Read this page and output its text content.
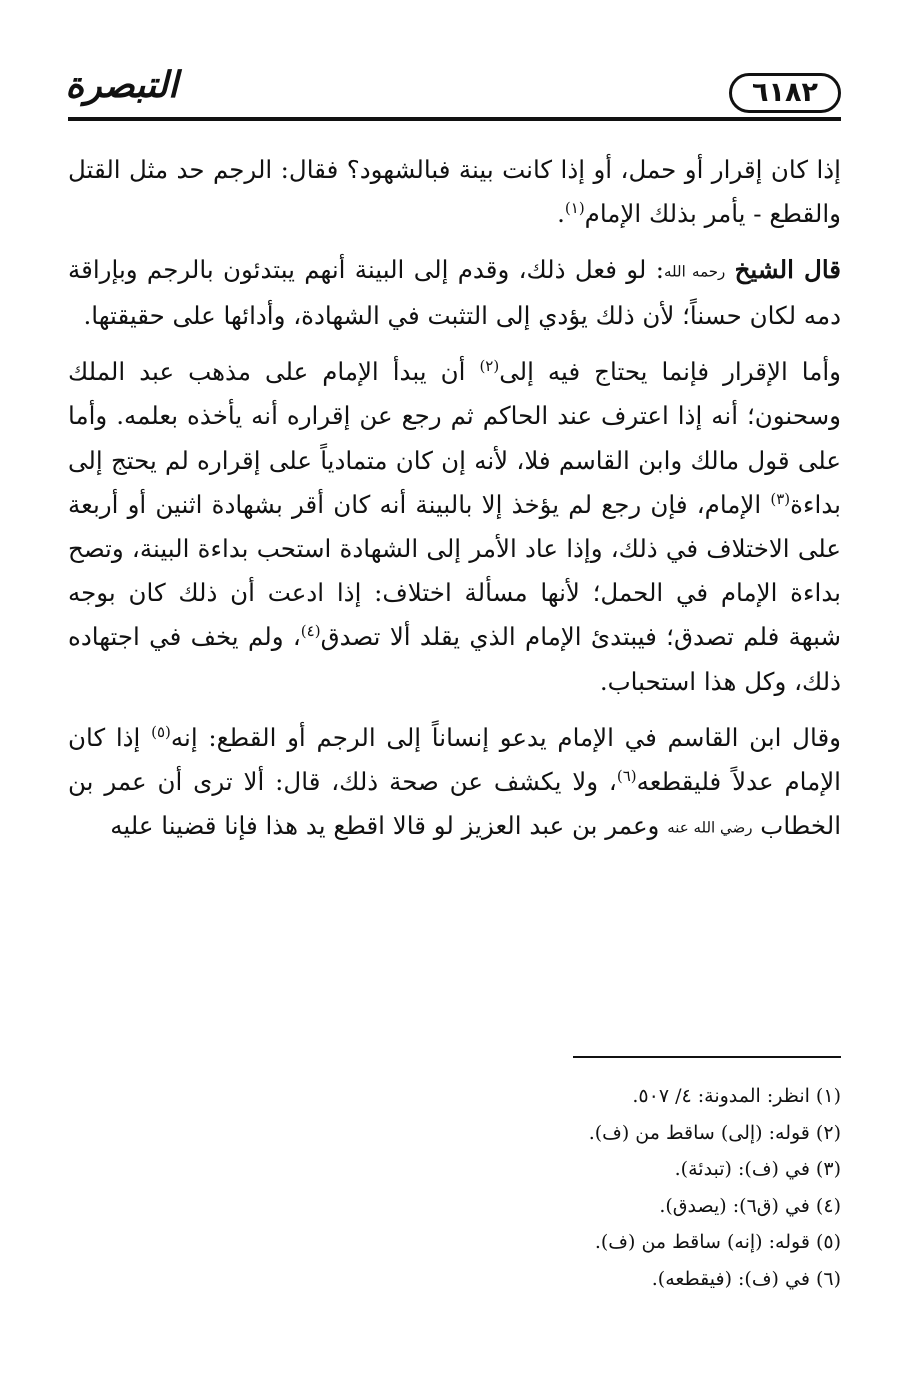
٦١٨٢
التبصرة

إذا كان إقرار أو حمل، أو إذا كانت بينة فبالشهود؟ فقال: الرجم حد مثل القتل والقطع - يأمر بذلك الإمام$^{(١)}$.

قال الشيخ رحمه الله: لو فعل ذلك، وقدم إلى البينة أنهم يبتدئون بالرجم وبإراقة دمه لكان حسناً؛ لأن ذلك يؤدي إلى التثبت في الشهادة، وأدائها على حقيقتها.

وأما الإقرار فإنما يحتاج فيه إلى$^{(٢)}$ أن يبدأ الإمام على مذهب عبد الملك وسحنون؛ أنه إذا اعترف عند الحاكم ثم رجع عن إقراره أنه يأخذه بعلمه. وأما على قول مالك وابن القاسم فلا، لأنه إن كان متمادياً على إقراره لم يحتج إلى بداءة$^{(٣)}$ الإمام، فإن رجع لم يؤخذ إلا بالبينة أنه كان أقر بشهادة اثنين أو أربعة على الاختلاف في ذلك، وإذا عاد الأمر إلى الشهادة استحب بداءة البينة، وتصح بداءة الإمام في الحمل؛ لأنها مسألة اختلاف: إذا ادعت أن ذلك كان بوجه شبهة فلم تصدق؛ فيبتدئ الإمام الذي يقلد ألا تصدق$^{(٤)}$، ولم يخف في اجتهاده ذلك، وكل هذا استحباب.

وقال ابن القاسم في الإمام يدعو إنساناً إلى الرجم أو القطع: إنه$^{(٥)}$ إذا كان الإمام عدلاً فليقطعه$^{(٦)}$، ولا يكشف عن صحة ذلك، قال: ألا ترى أن عمر بن الخطاب رضي الله عنه وعمر بن عبد العزيز لو قالا اقطع يد هذا فإنا قضينا عليه

(١) انظر: المدونة: ٤/ ٥٠٧.
(٢) قوله: (إلى) ساقط من (ف).
(٣) في (ف): (تبدئة).
(٤) في (ق٦): (يصدق).
(٥) قوله: (إنه) ساقط من (ف).
(٦) في (ف): (فيقطعه).
